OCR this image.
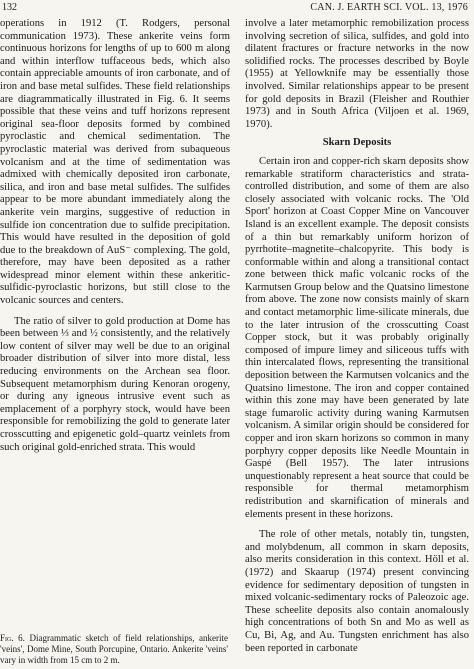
132	CAN. J. EARTH SCI. VOL. 13, 1976

operations in 1912 (T. Rodgers, personal communication 1973). These ankerite veins form continuous horizons for lengths of up to 600 m along and within interflow tuffaceous beds, which also contain appreciable amounts of iron carbonate, and of iron and base metal sulfides. These field relationships are diagrammatically illustrated in Fig. 6. It seems possible that these veins and tuff horizons represent original sea-floor deposits formed by combined pyroclastic and chemical sedimentation. The pyroclastic material was derived from subaqueous volcanism and at the time of sedimentation was admixed with chemically deposited iron carbonate, silica, and iron and base metal sulfides. The sulfides appear to be more abundant immediately along the ankerite vein margins, suggestive of reduction in sulfide ion concentration due to sulfide precipitation. This would have resulted in the deposition of gold due to the breakdown of AuS⁻ complexing. The gold, therefore, may have been deposited as a rather widespread minor element within these ankeritic-sulfidic-pyroclastic horizons, but still close to the volcanic sources and centers.

The ratio of silver to gold production at Dome has been between ⅓ and ½ consistently, and the relatively low content of silver may well be due to an original broader distribution of silver into more distal, less reducing environments on the Archean sea floor. Subsequent metamorphism during Kenoran orogeny, or during any igneous intrusive event such as emplacement of a porphyry stock, would have been responsible for remobilizing the gold to generate later crosscutting and epigenetic gold–quartz veinlets from such original gold-enriched strata. This would

Fig. 6. Diagrammatic sketch of field relationships, ankerite 'veins', Dome Mine, South Porcupine, Ontario. Ankerite 'veins' vary in width from 15 cm to 2 m.

involve a later metamorphic remobilization process involving secretion of silica, sulfides, and gold into dilatent fractures or fracture networks in the now solidified rocks. The processes described by Boyle (1955) at Yellowknife may be essentially those involved. Similar relationships appear to be present for gold deposits in Brazil (Fleisher and Routhier 1973) and in South Africa (Viljoen et al. 1969, 1970).

Skarn Deposits

Certain iron and copper-rich skarn deposits show remarkable stratiform characteristics and strata-controlled distribution, and some of them are also closely associated with volcanic rocks. The 'Old Sport' horizon at Coast Copper Mine on Vancouver Island is an excellent example. The deposit consists of a thin but remarkably uniform horizon of pyrrhotite–magnetite–chalcopyrite. This body is conformable within and along a transitional contact zone between thick mafic volcanic rocks of the Karmutsen Group below and the Quatsino limestone from above. The zone now consists mainly of skarn and contact metamorphic lime-silicate minerals, due to the later intrusion of the crosscutting Coast Copper stock, but it was probably originally composed of impure limey and siliceous tuffs with thin intercalated flows, representing the transitional deposition between the Karmutsen volcanics and the Quatsino limestone. The iron and copper contained within this zone may have been generated by late stage fumarolic activity during waning Karmutsen volcanism. A similar origin should be considered for copper and iron skarn horizons so common in many porphyry copper deposits like Needle Mountain in Gaspé (Bell 1957). The later intrusions unquestionably represent a heat source that could be responsible for thermal metamorphism redistribution and skarnification of minerals and elements present in these horizons.

The role of other metals, notably tin, tungsten, and molybdenum, all common in skarn deposits, also merits consideration in this context. Höll et al. (1972) and Skaarup (1974) present convincing evidence for sedimentary deposition of tungsten in mixed volcanic-sedimentary rocks of Paleozoic age. These scheelite deposits also contain anomalously high concentrations of both Sn and Mo as well as Cu, Bi, Ag, and Au. Tungsten enrichment has also been reported in carbonate
